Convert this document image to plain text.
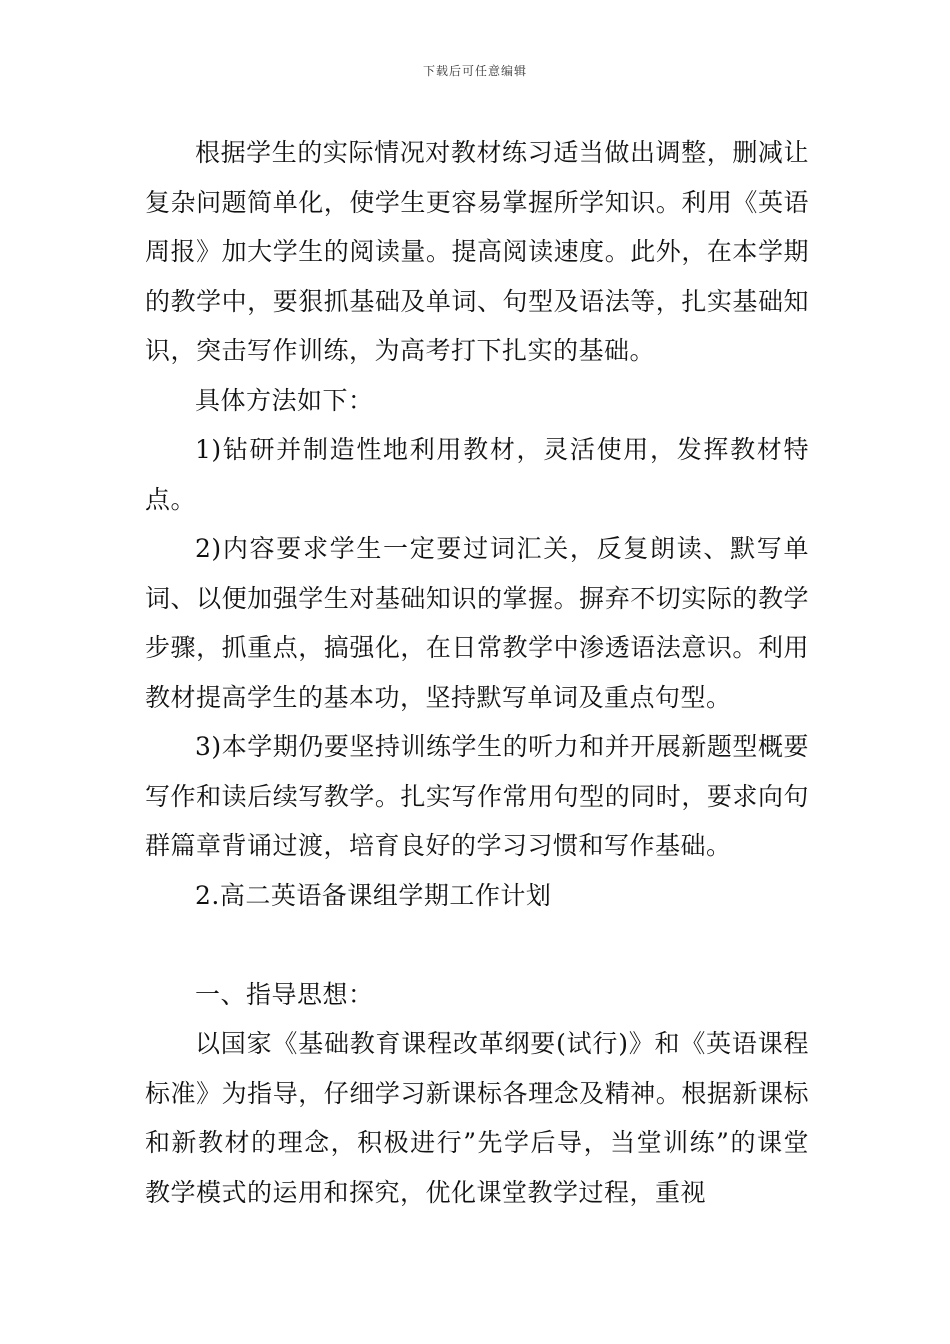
下载后可任意编辑

根据学生的实际情况对教材练习适当做出调整，删减让复杂问题简单化，使学生更容易掌握所学知识。利用《英语周报》加大学生的阅读量。提高阅读速度。此外，在本学期的教学中，要狠抓基础及单词、句型及语法等，扎实基础知识，突击写作训练，为高考打下扎实的基础。

具体方法如下：

1)钻研并制造性地利用教材，灵活使用，发挥教材特点。

2)内容要求学生一定要过词汇关，反复朗读、默写单词、以便加强学生对基础知识的掌握。摒弃不切实际的教学步骤，抓重点，搞强化，在日常教学中渗透语法意识。利用教材提高学生的基本功，坚持默写单词及重点句型。

3)本学期仍要坚持训练学生的听力和并开展新题型概要写作和读后续写教学。扎实写作常用句型的同时，要求向句群篇章背诵过渡，培育良好的学习习惯和写作基础。

2.高二英语备课组学期工作计划

一、指导思想：

以国家《基础教育课程改革纲要(试行)》和《英语课程标准》为指导，仔细学习新课标各理念及精神。根据新课标和新教材的理念，积极进行”先学后导，当堂训练”的课堂教学模式的运用和探究，优化课堂教学过程，重视
